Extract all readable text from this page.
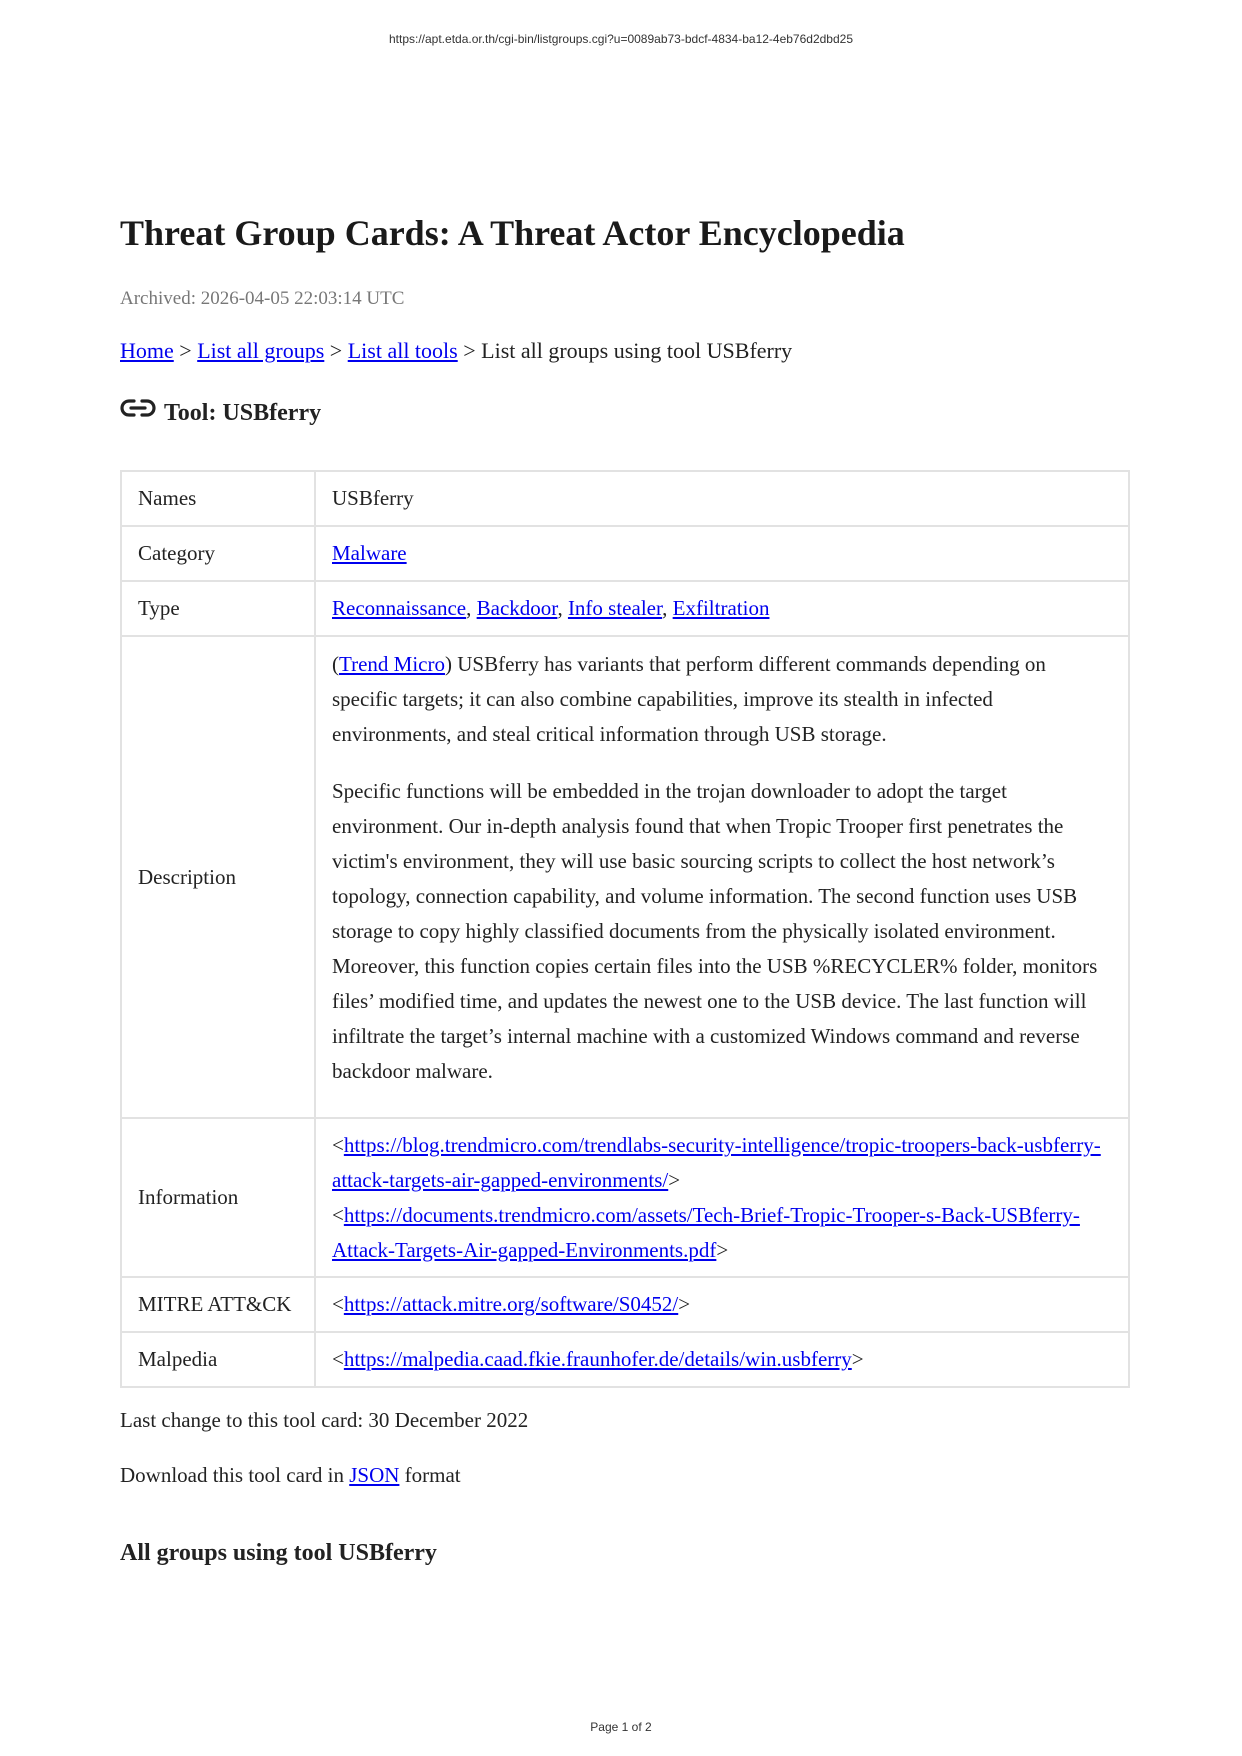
https://apt.etda.or.th/cgi-bin/listgroups.cgi?u=0089ab73-bdcf-4834-ba12-4eb76d2dbd25
Threat Group Cards: A Threat Actor Encyclopedia
Archived: 2026-04-05 22:03:14 UTC
Home > List all groups > List all tools > List all groups using tool USBferry
Tool: USBferry
Names	USBferry
Category	Malware
Type	Reconnaissance, Backdoor, Info stealer, Exfiltration
Description	(Trend Micro) USBferry has variants that perform different commands depending on specific targets; it can also combine capabilities, improve its stealth in infected environments, and steal critical information through USB storage.

Specific functions will be embedded in the trojan downloader to adopt the target environment. Our in-depth analysis found that when Tropic Trooper first penetrates the victim's environment, they will use basic sourcing scripts to collect the host network’s topology, connection capability, and volume information. The second function uses USB storage to copy highly classified documents from the physically isolated environment. Moreover, this function copies certain files into the USB %RECYCLER% folder, monitors files’ modified time, and updates the newest one to the USB device. The last function will infiltrate the target’s internal machine with a customized Windows command and reverse backdoor malware.

Information	<https://blog.trendmicro.com/trendlabs-security-intelligence/tropic-troopers-back-usbferry-attack-targets-air-gapped-environments/>
<https://documents.trendmicro.com/assets/Tech-Brief-Tropic-Trooper-s-Back-USBferry-Attack-Targets-Air-gapped-Environments.pdf>

MITRE ATT&CK	<https://attack.mitre.org/software/S0452/>
Malpedia	<https://malpedia.caad.fkie.fraunhofer.de/details/win.usbferry>
Last change to this tool card: 30 December 2022
Download this tool card in JSON format
All groups using tool USBferry
Page 1 of 2
